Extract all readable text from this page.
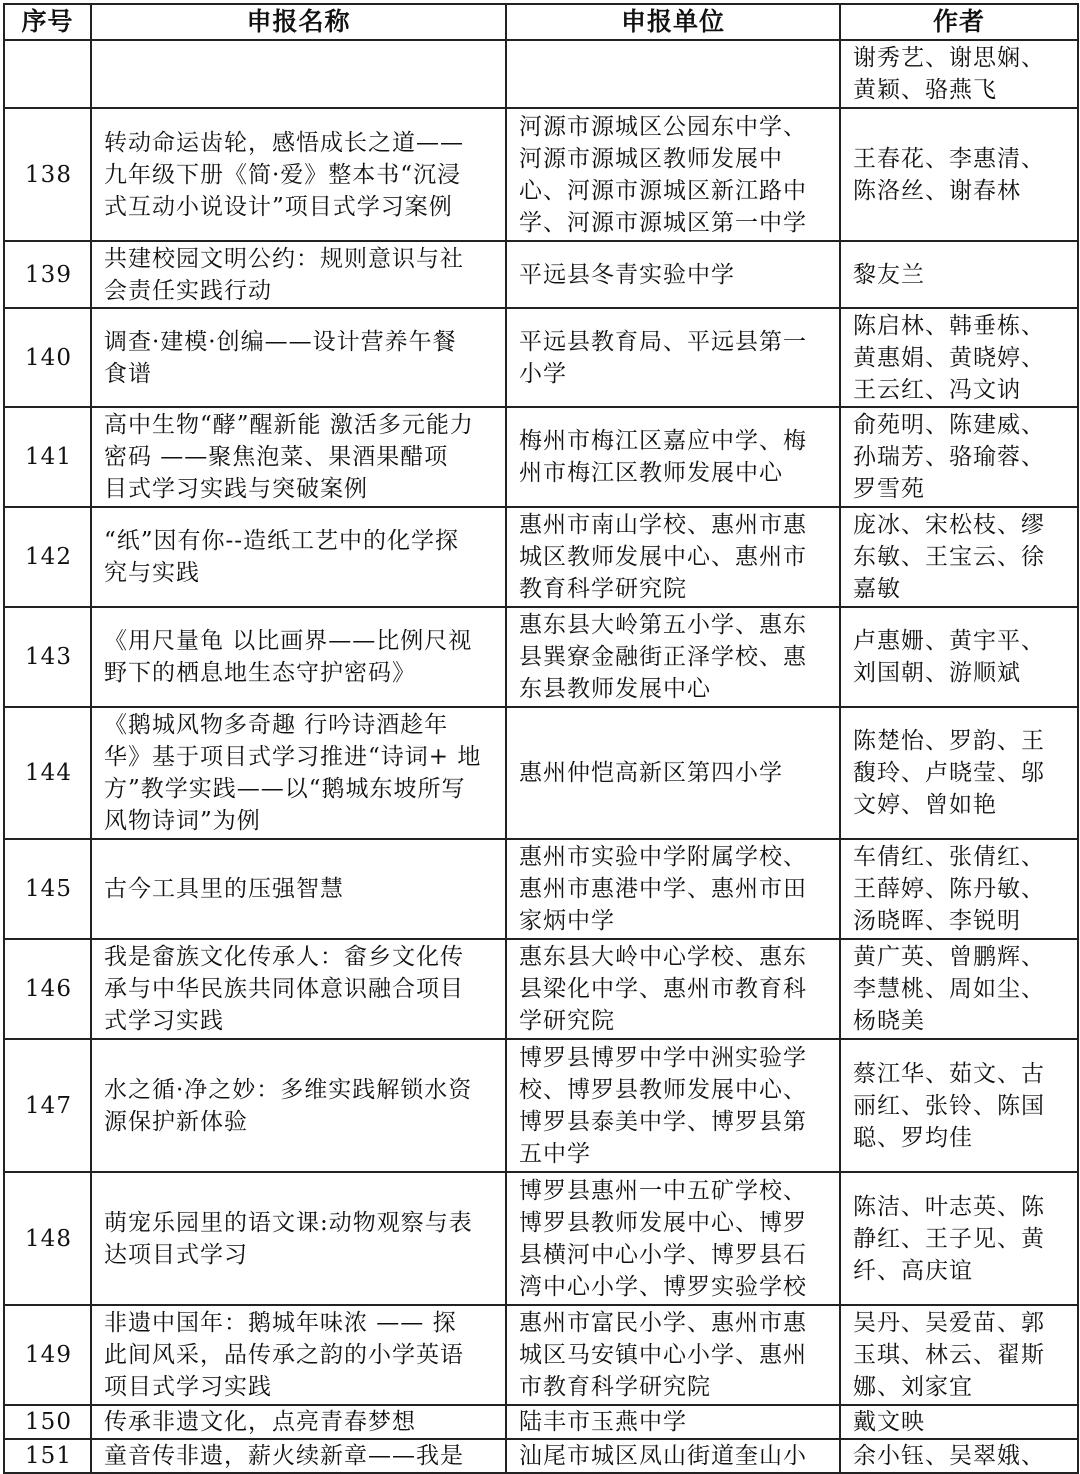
序号	申报名称	申报单位	作者
			谢秀艺、谢思娴、
黄颖、骆燕飞
138	转动命运齿轮，感悟成长之道——
九年级下册《简·爱》整本书“沉浸
式互动小说设计”项目式学习案例	河源市源城区公园东中学、
河源市源城区教师发展中
心、河源市源城区新江路中
学、河源市源城区第一中学	王春花、李惠清、
陈洛丝、谢春林
139	共建校园文明公约：规则意识与社
会责任实践行动	平远县冬青实验中学	黎友兰
140	调查·建模·创编——设计营养午餐
食谱	平远县教育局、平远县第一
小学	陈启林、韩垂栋、
黄惠娟、黄晓婷、
王云红、冯文讷
141	高中生物“酵”醒新能 激活多元能力
密码 ——聚焦泡菜、果酒果醋项
目式学习实践与突破案例	梅州市梅江区嘉应中学、梅
州市梅江区教师发展中心	俞苑明、陈建威、
孙瑞芳、骆瑜蓉、
罗雪苑
142	“纸”因有你--造纸工艺中的化学探
究与实践	惠州市南山学校、惠州市惠
城区教师发展中心、惠州市
教育科学研究院	庞冰、宋松枝、缪
东敏、王宝云、徐
嘉敏
143	《用尺量龟 以比画界——比例尺视
野下的栖息地生态守护密码》	惠东县大岭第五小学、惠东
县巽寮金融街正泽学校、惠
东县教师发展中心	卢惠姗、黄宇平、
刘国朝、游顺斌
144	《鹅城风物多奇趣 行吟诗酒趁年
华》基于项目式学习推进“诗词+ 地
方”教学实践——以“鹅城东坡所写
风物诗词”为例	惠州仲恺高新区第四小学	陈楚怡、罗韵、王
馥玲、卢晓莹、邬
文婷、曾如艳
145	古今工具里的压强智慧	惠州市实验中学附属学校、
惠州市惠港中学、惠州市田
家炳中学	车倩红、张倩红、
王薛婷、陈丹敏、
汤晓晖、李锐明
146	我是畲族文化传承人：畲乡文化传
承与中华民族共同体意识融合项目
式学习实践	惠东县大岭中心学校、惠东
县梁化中学、惠州市教育科
学研究院	黄广英、曾鹏辉、
李慧桃、周如尘、
杨晓美
147	水之循·净之妙：多维实践解锁水资
源保护新体验	博罗县博罗中学中洲实验学
校、博罗县教师发展中心、
博罗县泰美中学、博罗县第
五中学	蔡江华、茹文、古
丽红、张铃、陈国
聪、罗均佳
148	萌宠乐园里的语文课:动物观察与表
达项目式学习	博罗县惠州一中五矿学校、
博罗县教师发展中心、博罗
县横河中心小学、博罗县石
湾中心小学、博罗实验学校	陈洁、叶志英、陈
静红、王子见、黄
纤、高庆谊
149	非遗中国年：鹅城年味浓 —— 探
此间风采，品传承之韵的小学英语
项目式学习实践	惠州市富民小学、惠州市惠
城区马安镇中心小学、惠州
市教育科学研究院	吴丹、吴爱苗、郭
玉琪、林云、翟斯
娜、刘家宜
150	传承非遗文化，点亮青春梦想	陆丰市玉燕中学	戴文映
151	童音传非遗，薪火续新章——我是	汕尾市城区凤山街道奎山小	余小钰、吴翠娥、
